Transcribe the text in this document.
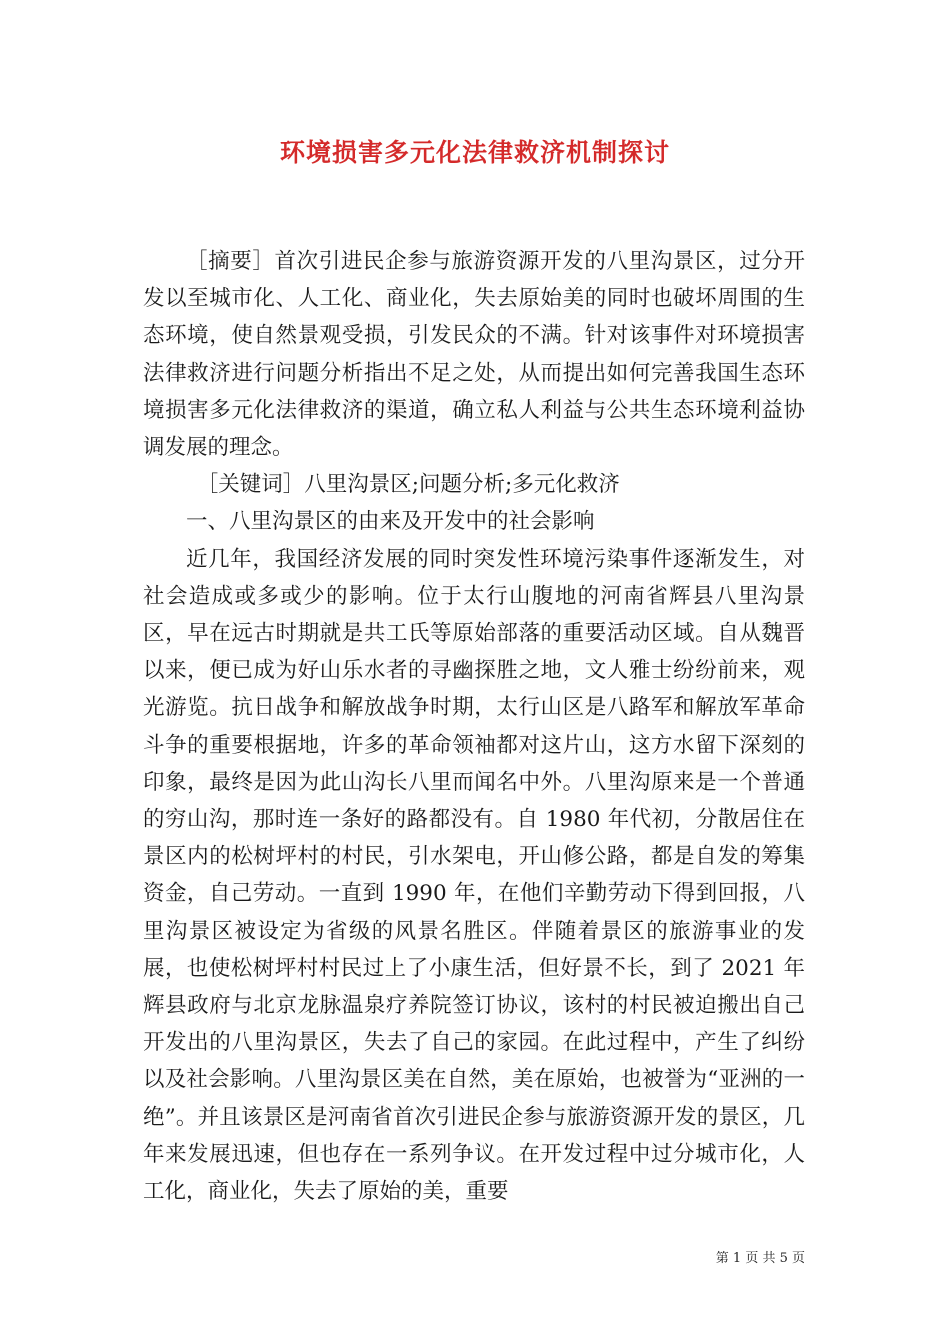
环境损害多元化法律救济机制探讨

［摘要］首次引进民企参与旅游资源开发的八里沟景区，过分开发以至城市化、人工化、商业化，失去原始美的同时也破坏周围的生态环境，使自然景观受损，引发民众的不满。针对该事件对环境损害法律救济进行问题分析指出不足之处，从而提出如何完善我国生态环境损害多元化法律救济的渠道，确立私人利益与公共生态环境利益协调发展的理念。

［关键词］八里沟景区;问题分析;多元化救济

一、八里沟景区的由来及开发中的社会影响

近几年，我国经济发展的同时突发性环境污染事件逐渐发生，对社会造成或多或少的影响。位于太行山腹地的河南省辉县八里沟景区，早在远古时期就是共工氏等原始部落的重要活动区域。自从魏晋以来，便已成为好山乐水者的寻幽探胜之地，文人雅士纷纷前来，观光游览。抗日战争和解放战争时期，太行山区是八路军和解放军革命斗争的重要根据地，许多的革命领袖都对这片山，这方水留下深刻的印象，最终是因为此山沟长八里而闻名中外。八里沟原来是一个普通的穷山沟，那时连一条好的路都没有。自 1980 年代初，分散居住在景区内的松树坪村的村民，引水架电，开山修公路，都是自发的筹集资金，自己劳动。一直到 1990 年，在他们辛勤劳动下得到回报，八里沟景区被设定为省级的风景名胜区。伴随着景区的旅游事业的发展，也使松树坪村村民过上了小康生活，但好景不长，到了 2021 年辉县政府与北京龙脉温泉疗养院签订协议，该村的村民被迫搬出自己开发出的八里沟景区，失去了自己的家园。在此过程中，产生了纠纷以及社会影响。八里沟景区美在自然，美在原始，也被誉为“亚洲的一绝”。并且该景区是河南省首次引进民企参与旅游资源开发的景区，几年来发展迅速，但也存在一系列争议。在开发过程中过分城市化，人工化，商业化，失去了原始的美，重要

第 1 页 共 5 页
